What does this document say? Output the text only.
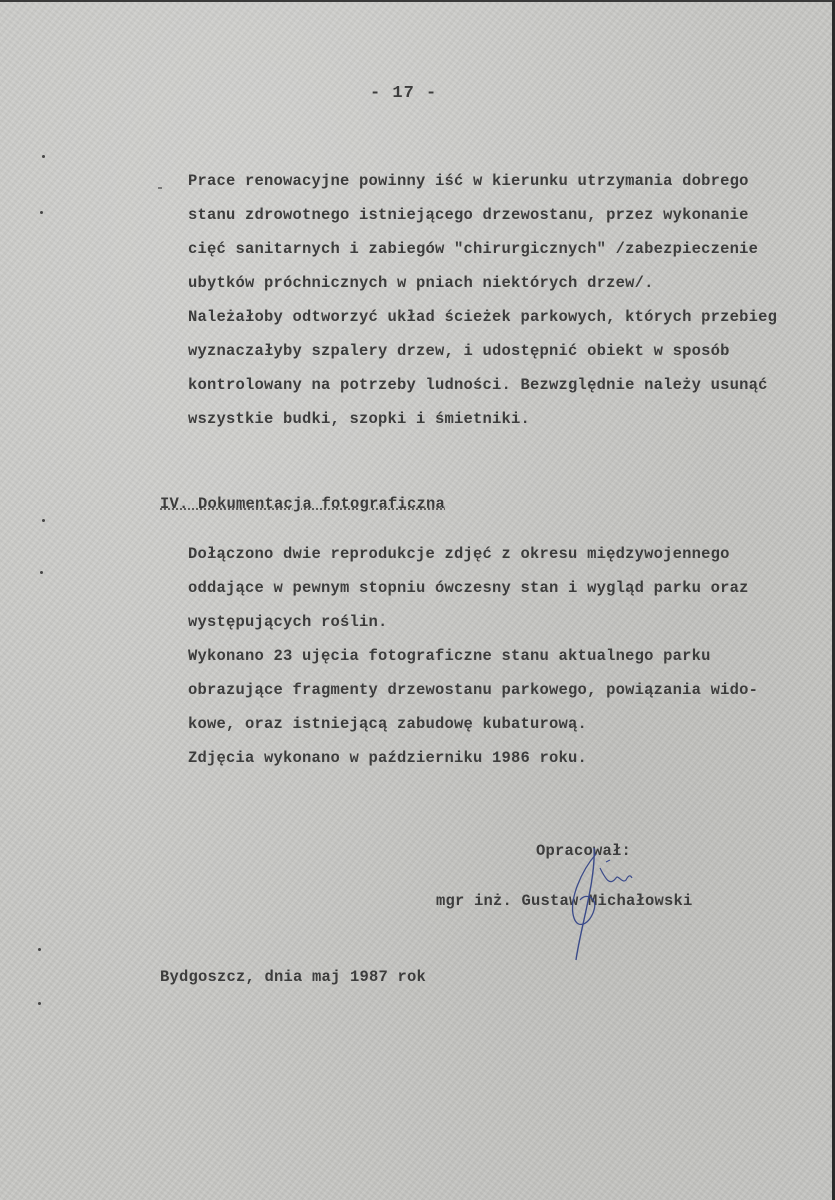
- 17 -
Prace renowacyjne powinny iść w kierunku utrzymania dobrego
stanu zdrowotnego istniejącego drzewostanu, przez wykonanie
cięć sanitarnych i zabiegów "chirurgicznych" /zabezpieczenie
ubytków próchnicznych w pniach niektórych drzew/.
Należałoby odtworzyć układ ścieżek parkowych, których przebieg
wyznaczałyby szpalery drzew, i udostępnić obiekt w sposób
kontrolowany na potrzeby ludności. Bezwzględnie należy usunąć
wszystkie budki, szopki i śmietniki.
IV. Dokumentacja fotograficzna
Dołączono dwie reprodukcje zdjęć z okresu międzywojennego
oddające w pewnym stopniu ówczesny stan i wygląd parku oraz
występujących roślin.
Wykonano 23 ujęcia fotograficzne stanu aktualnego parku
obrazujące fragmenty drzewostanu parkowego, powiązania wido-
kowe, oraz istniejącą zabudowę kubaturową.
Zdjęcia wykonano w październiku 1986 roku.
Opracował:
mgr inż. Gustaw Michałowski
Bydgoszcz, dnia maj 1987 rok
